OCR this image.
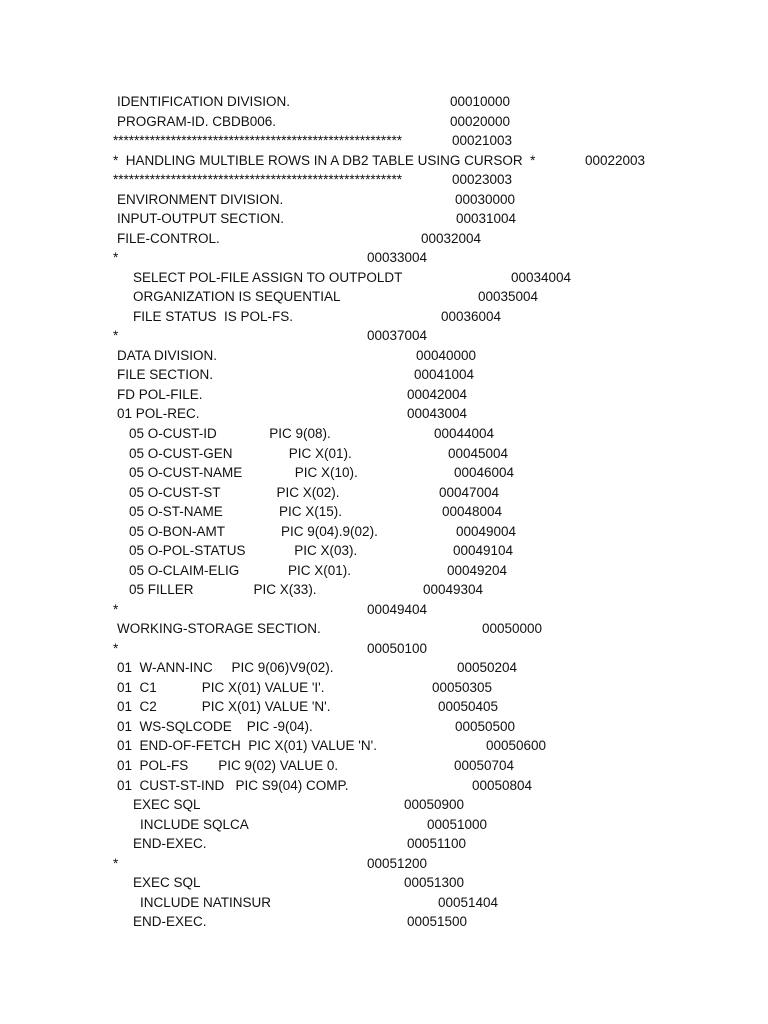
IDENTIFICATION DIVISION.	00010000
PROGRAM-ID. CBDB006.	00020000
*******************************************************	00021003
*  HANDLING MULTIBLE ROWS IN A DB2 TABLE USING CURSOR  *	00022003
*******************************************************	00023003
ENVIRONMENT DIVISION.	00030000
INPUT-OUTPUT SECTION.	00031004
FILE-CONTROL.	00032004
*	00033004
SELECT POL-FILE ASSIGN TO OUTPOLDT	00034004
ORGANIZATION IS SEQUENTIAL	00035004
FILE STATUS  IS POL-FS.	00036004
*	00037004
DATA DIVISION.	00040000
FILE SECTION.	00041004
FD POL-FILE.	00042004
01 POL-REC.	00043004
05 O-CUST-ID              PIC 9(08).	00044004
05 O-CUST-GEN               PIC X(01).	00045004
05 O-CUST-NAME              PIC X(10).	00046004
05 O-CUST-ST               PIC X(02).	00047004
05 O-ST-NAME               PIC X(15).	00048004
05 O-BON-AMT               PIC 9(04).9(02).	00049004
05 O-POL-STATUS             PIC X(03).	00049104
05 O-CLAIM-ELIG             PIC X(01).	00049204
05 FILLER                PIC X(33).	00049304
*	00049404
WORKING-STORAGE SECTION.	00050000
*	00050100
01  W-ANN-INC     PIC 9(06)V9(02).	00050204
01  C1            PIC X(01) VALUE 'I'.	00050305
01  C2            PIC X(01) VALUE 'N'.	00050405
01  WS-SQLCODE    PIC -9(04).	00050500
01  END-OF-FETCH  PIC X(01) VALUE 'N'.	00050600
01  POL-FS        PIC 9(02) VALUE 0.	00050704
01  CUST-ST-IND   PIC S9(04) COMP.	00050804
EXEC SQL	00050900
INCLUDE SQLCA	00051000
END-EXEC.	00051100
*	00051200
EXEC SQL	00051300
INCLUDE NATINSUR	00051404
END-EXEC.	00051500
